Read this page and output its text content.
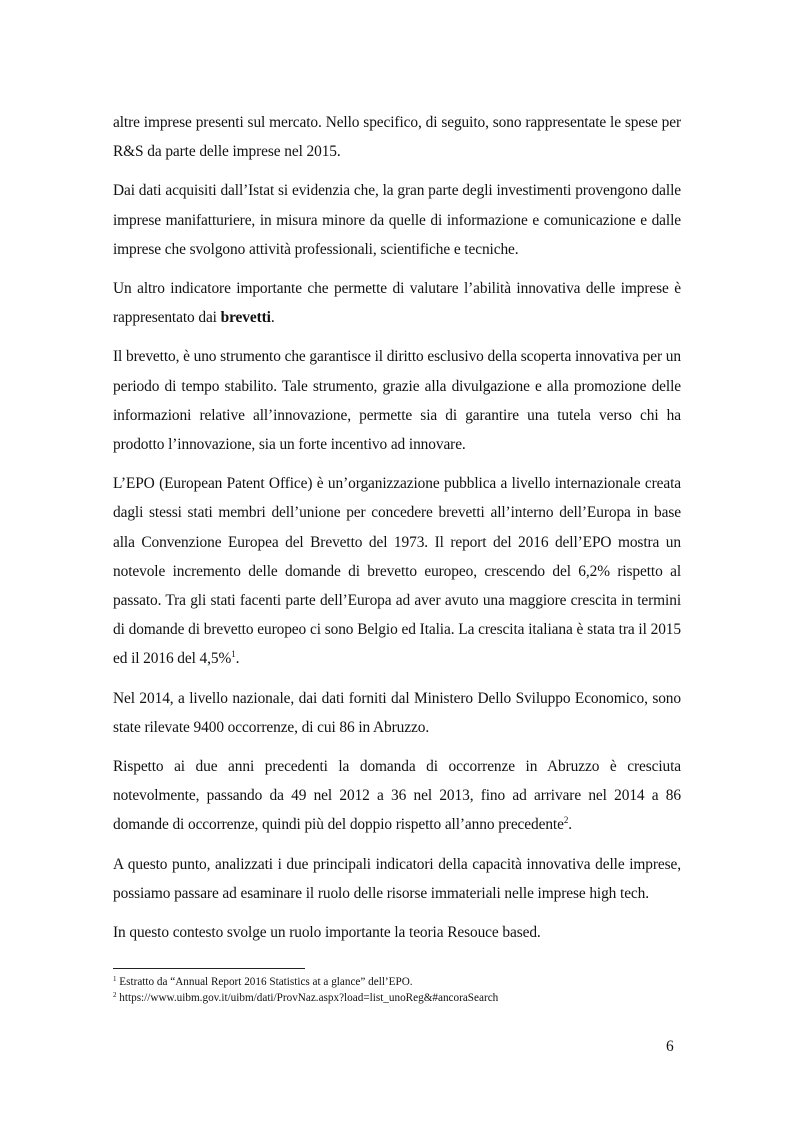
altre imprese presenti sul mercato. Nello specifico, di seguito, sono rappresentate le spese per R&S da parte delle imprese nel 2015.

Dai dati acquisiti dall’Istat si evidenzia che, la gran parte degli investimenti provengono dalle imprese manifatturiere, in misura minore da quelle di informazione e comunicazione e dalle imprese che svolgono attività professionali, scientifiche e tecniche.

Un altro indicatore importante che permette di valutare l’abilità innovativa delle imprese è rappresentato dai brevetti.

Il brevetto, è uno strumento che garantisce il diritto esclusivo della scoperta innovativa per un periodo di tempo stabilito. Tale strumento, grazie alla divulgazione e alla promozione delle informazioni relative all’innovazione, permette sia di garantire una tutela verso chi ha prodotto l’innovazione, sia un forte incentivo ad innovare.

L’EPO (European Patent Office) è un’organizzazione pubblica a livello internazionale creata dagli stessi stati membri dell’unione per concedere brevetti all’interno dell’Europa in base alla Convenzione Europea del Brevetto del 1973. Il report del 2016 dell’EPO mostra un notevole incremento delle domande di brevetto europeo, crescendo del 6,2% rispetto al passato. Tra gli stati facenti parte dell’Europa ad aver avuto una maggiore crescita in termini di domande di brevetto europeo ci sono Belgio ed Italia. La crescita italiana è stata tra il 2015 ed il 2016 del 4,5%$^1$.

Nel 2014, a livello nazionale, dai dati forniti dal Ministero Dello Sviluppo Economico, sono state rilevate 9400 occorrenze, di cui 86 in Abruzzo.

Rispetto ai due anni precedenti la domanda di occorrenze in Abruzzo è cresciuta notevolmente, passando da 49 nel 2012 a 36 nel 2013, fino ad arrivare nel 2014 a 86 domande di occorrenze, quindi più del doppio rispetto all’anno precedente$^2$.

A questo punto, analizzati i due principali indicatori della capacità innovativa delle imprese, possiamo passare ad esaminare il ruolo delle risorse immateriali nelle imprese high tech.

In questo contesto svolge un ruolo importante la teoria Resouce based.

$^1$ Estratto da “Annual Report 2016 Statistics at a glance” dell’EPO.

$^2$ https://www.uibm.gov.it/uibm/dati/ProvNaz.aspx?load=list_unoReg&#ancoraSearch

6
